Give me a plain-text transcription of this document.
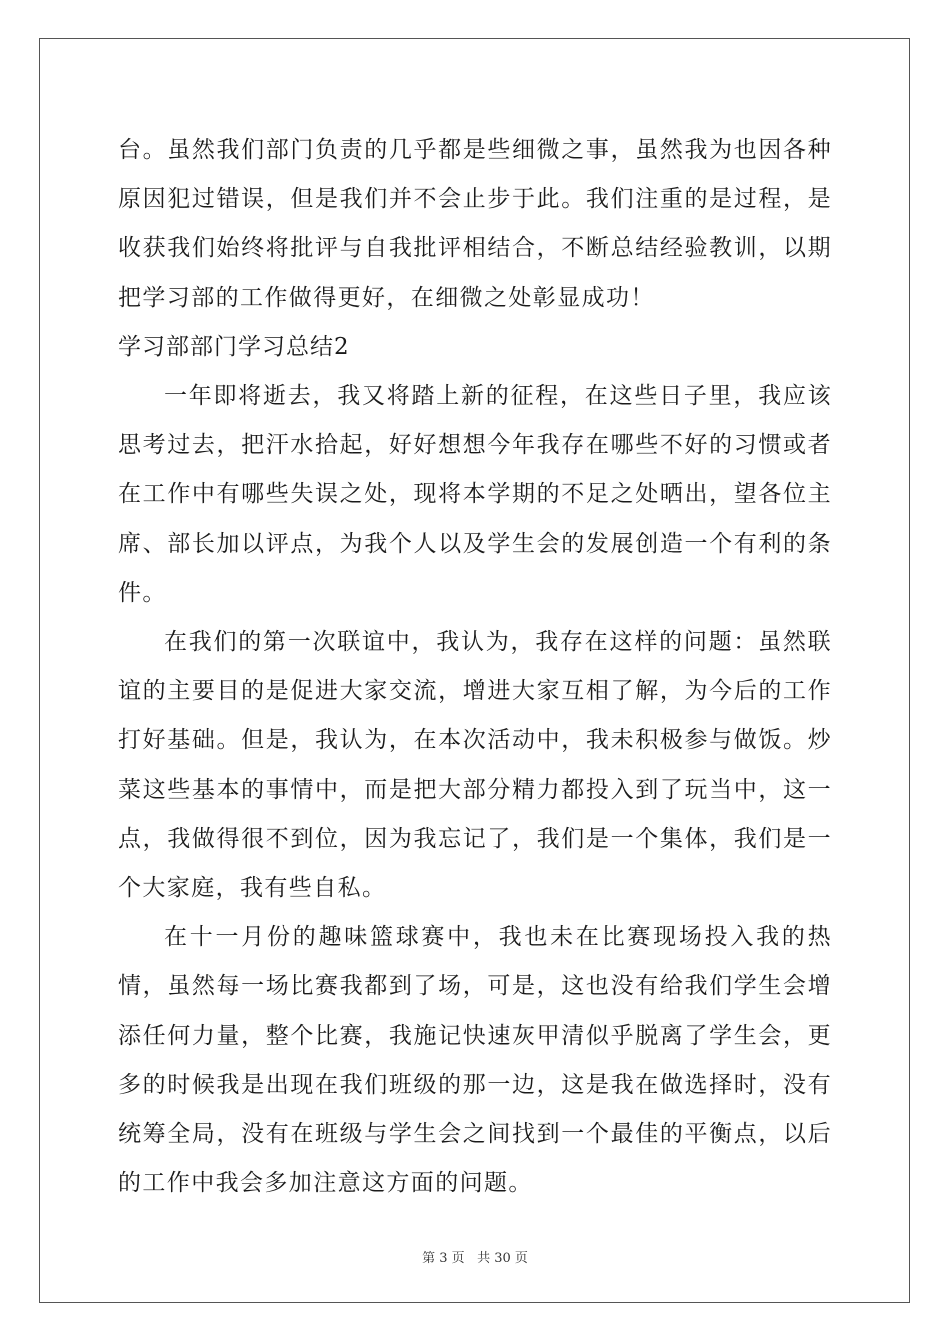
台。虽然我们部门负责的几乎都是些细微之事，虽然我为也因各种原因犯过错误，但是我们并不会止步于此。我们注重的是过程，是收获我们始终将批评与自我批评相结合，不断总结经验教训，以期把学习部的工作做得更好，在细微之处彰显成功！

学习部部门学习总结2

一年即将逝去，我又将踏上新的征程，在这些日子里，我应该思考过去，把汗水拾起，好好想想今年我存在哪些不好的习惯或者在工作中有哪些失误之处，现将本学期的不足之处晒出，望各位主席、部长加以评点，为我个人以及学生会的发展创造一个有利的条件。

在我们的第一次联谊中，我认为，我存在这样的问题：虽然联谊的主要目的是促进大家交流，增进大家互相了解，为今后的工作打好基础。但是，我认为，在本次活动中，我未积极参与做饭。炒菜这些基本的事情中，而是把大部分精力都投入到了玩当中，这一点，我做得很不到位，因为我忘记了，我们是一个集体，我们是一个大家庭，我有些自私。

在十一月份的趣味篮球赛中，我也未在比赛现场投入我的热情，虽然每一场比赛我都到了场，可是，这也没有给我们学生会增添任何力量，整个比赛，我施记快速灰甲清似乎脱离了学生会，更多的时候我是出现在我们班级的那一边，这是我在做选择时，没有统筹全局，没有在班级与学生会之间找到一个最佳的平衡点，以后的工作中我会多加注意这方面的问题。

第 3 页 共 30 页
